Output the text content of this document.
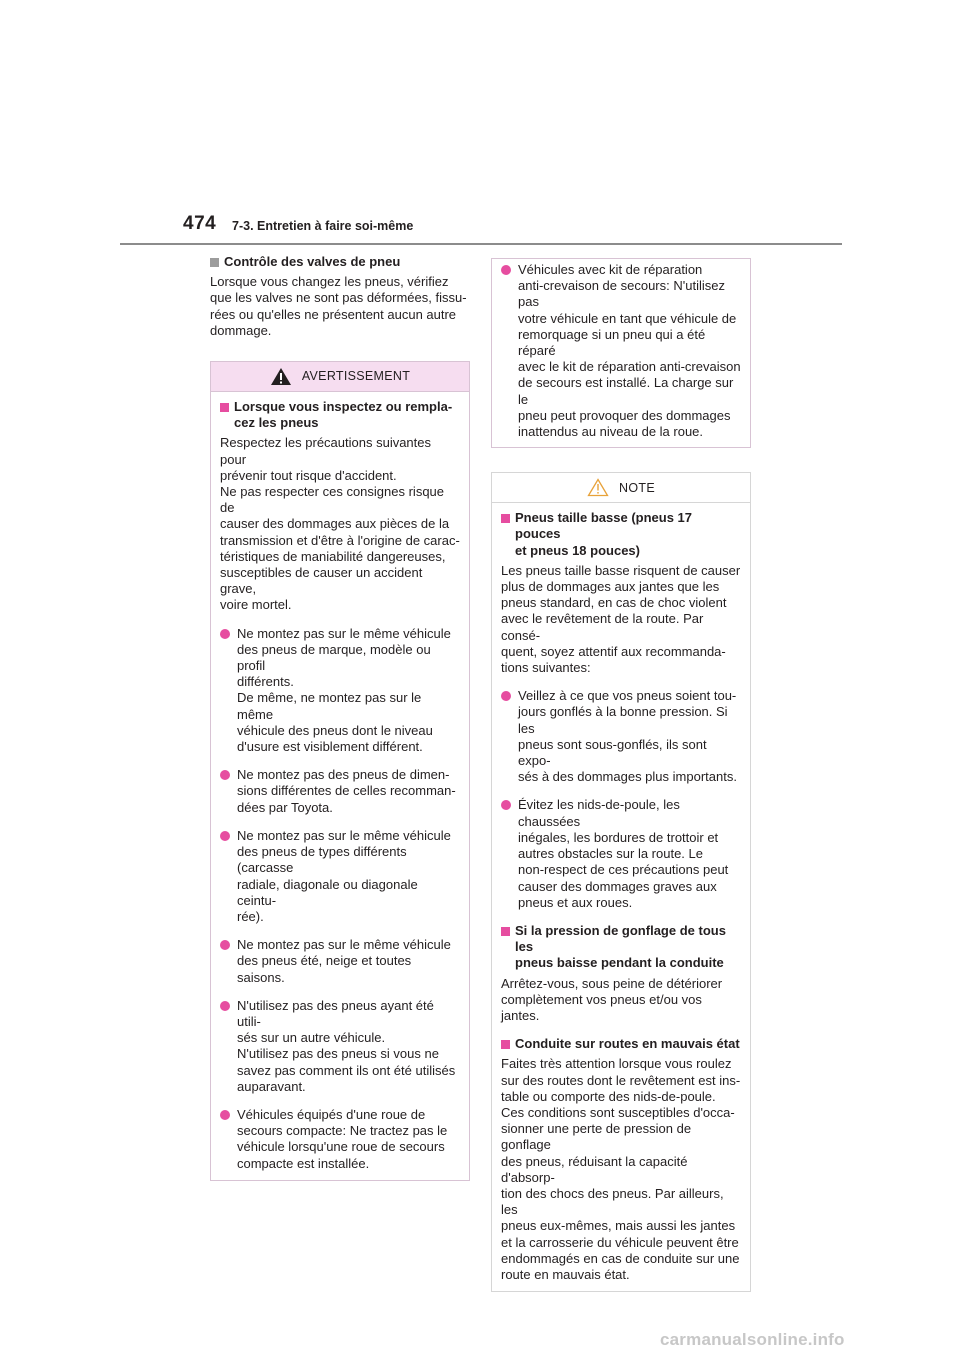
474 7-3. Entretien à faire soi-même
Contrôle des valves de pneu

Lorsque vous changez les pneus, vérifiez
que les valves ne sont pas déformées, fissu-
rées ou qu'elles ne présentent aucun autre
dommage.

AVERTISSEMENT
Lorsque vous inspectez ou rempla-
cez les pneus

Respectez les précautions suivantes pour
prévenir tout risque d'accident.
Ne pas respecter ces consignes risque de
causer des dommages aux pièces de la
transmission et d'être à l'origine de carac-
téristiques de maniabilité dangereuses,
susceptibles de causer un accident grave,
voire mortel.

Ne montez pas sur le même véhicule
des pneus de marque, modèle ou profil
différents.
De même, ne montez pas sur le même
véhicule des pneus dont le niveau
d'usure est visiblement différent.
Ne montez pas des pneus de dimen-
sions différentes de celles recomman-
dées par Toyota.
Ne montez pas sur le même véhicule
des pneus de types différents (carcasse
radiale, diagonale ou diagonale ceintu-
rée).
Ne montez pas sur le même véhicule
des pneus été, neige et toutes saisons.
N'utilisez pas des pneus ayant été utili-
sés sur un autre véhicule.
N'utilisez pas des pneus si vous ne
savez pas comment ils ont été utilisés
auparavant.
Véhicules équipés d'une roue de
secours compacte: Ne tractez pas le
véhicule lorsqu'une roue de secours
compacte est installée.
Véhicules avec kit de réparation
anti-crevaison de secours: N'utilisez pas
votre véhicule en tant que véhicule de
remorquage si un pneu qui a été réparé
avec le kit de réparation anti-crevaison
de secours est installé. La charge sur le
pneu peut provoquer des dommages
inattendus au niveau de la roue.
NOTE
Pneus taille basse (pneus 17 pouces
et pneus 18 pouces)

Les pneus taille basse risquent de causer
plus de dommages aux jantes que les
pneus standard, en cas de choc violent
avec le revêtement de la route. Par consé-
quent, soyez attentif aux recommanda-
tions suivantes:

Veillez à ce que vos pneus soient tou-
jours gonflés à la bonne pression. Si les
pneus sont sous-gonflés, ils sont expo-
sés à des dommages plus importants.
Évitez les nids-de-poule, les chaussées
inégales, les bordures de trottoir et
autres obstacles sur la route. Le
non-respect de ces précautions peut
causer des dommages graves aux
pneus et aux roues.
Si la pression de gonflage de tous les
pneus baisse pendant la conduite

Arrêtez-vous, sous peine de détériorer
complètement vos pneus et/ou vos jantes.

Conduite sur routes en mauvais état

Faites très attention lorsque vous roulez
sur des routes dont le revêtement est ins-
table ou comporte des nids-de-poule.
Ces conditions sont susceptibles d'occa-
sionner une perte de pression de gonflage
des pneus, réduisant la capacité d'absorp-
tion des chocs des pneus. Par ailleurs, les
pneus eux-mêmes, mais aussi les jantes
et la carrosserie du véhicule peuvent être
endommagés en cas de conduite sur une
route en mauvais état.

carmanualsonline.info
